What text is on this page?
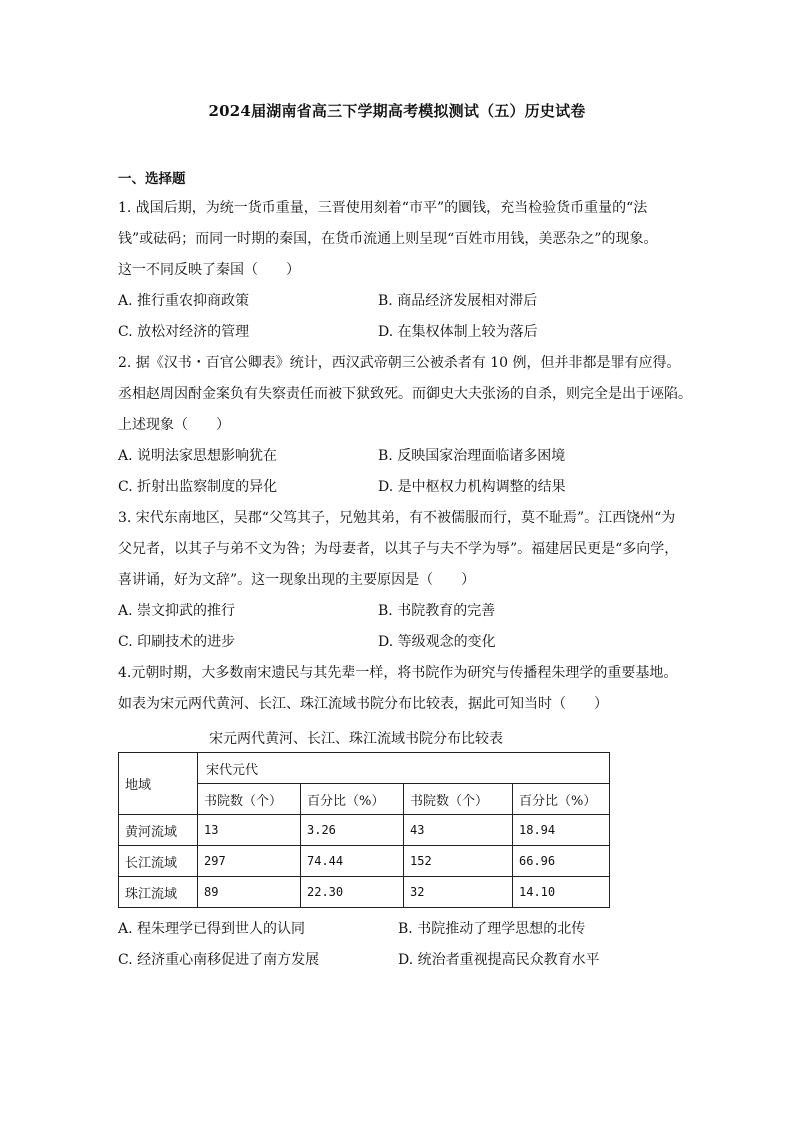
2024届湖南省高三下学期高考模拟测试（五）历史试卷
一、选择题
1. 战国后期，为统一货币重量，三晋使用刻着“市平”的圜钱，充当检验货币重量的“法
钱”或砝码；而同一时期的秦国，在货币流通上则呈现“百姓市用钱，美恶杂之”的现象。
这一不同反映了秦国（　　）
A. 推行重农抑商政策	B. 商品经济发展相对滞后
C. 放松对经济的管理	D. 在集权体制上较为落后
2. 据《汉书・百官公卿表》统计，西汉武帝朝三公被杀者有 10 例，但并非都是罪有应得。
丞相赵周因酎金案负有失察责任而被下狱致死。而御史大夫张汤的自杀，则完全是出于诬陷。
上述现象（　　）
A. 说明法家思想影响犹在	B. 反映国家治理面临诸多困境
C. 折射出监察制度的异化	D. 是中枢权力机构调整的结果
3. 宋代东南地区，吴郡“父笃其子，兄勉其弟，有不被儒服而行，莫不耻焉”。江西饶州“为
父兄者，以其子与弟不文为咎；为母妻者，以其子与夫不学为辱”。福建居民更是“多向学，
喜讲诵，好为文辞”。这一现象出现的主要原因是（　　）
A. 崇文抑武的推行	B. 书院教育的完善
C. 印刷技术的进步	D. 等级观念的变化
4.元朝时期，大多数南宋遗民与其先辈一样，将书院作为研究与传播程朱理学的重要基地。
如表为宋元两代黄河、长江、珠江流域书院分布比较表，据此可知当时（　　）
宋元两代黄河、长江、珠江流域书院分布比较表
地域	宋代元代			
	书院数（个）	百分比（%）	书院数（个）	百分比（%）
黄河流域	13	3.26	43	18.94
长江流域	297	74.44	152	66.96
珠江流域	89	22.30	32	14.10
A. 程朱理学已得到世人的认同	B. 书院推动了理学思想的北传
C. 经济重心南移促进了南方发展	D. 统治者重视提高民众教育水平
